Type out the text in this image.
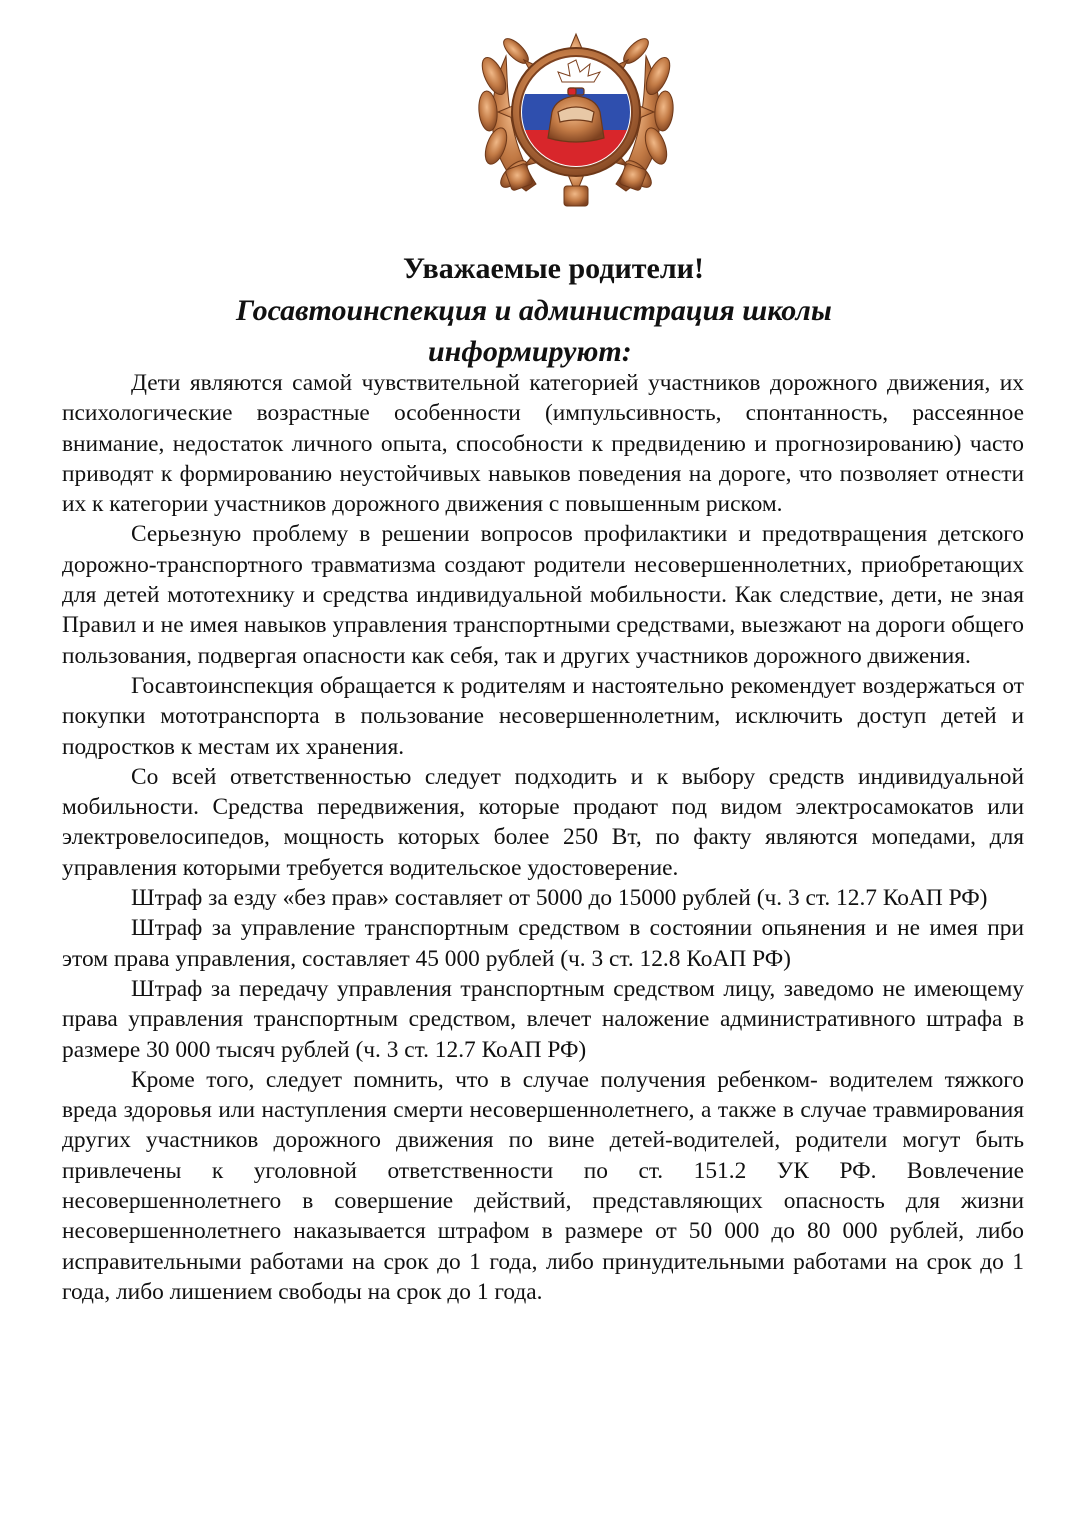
Уважаемые родители!
Госавтоинспекция и администрация школы
информируют:

Дети являются самой чувствительной категорией участников дорожного движения, их психологические возрастные особенности (импульсивность, спонтанность, рассеянное внимание, недостаток личного опыта, способности к предвидению и прогнозированию) часто приводят к формированию неустойчивых навыков поведения на дороге, что позволяет отнести их к категории участников дорожного движения с повышенным риском.

Серьезную проблему в решении вопросов профилактики и предотвращения детского дорожно-транспортного травматизма создают родители несовершеннолетних, приобретающих для детей мототехнику и средства индивидуальной мобильности. Как следствие, дети, не зная Правил и не имея навыков управления транспортными средствами, выезжают на дороги общего пользования, подвергая опасности как себя, так и других участников дорожного движения.

Госавтоинспекция обращается к родителям и настоятельно рекомендует воздержаться от покупки мототранспорта в пользование несовершеннолетним, исключить доступ детей и подростков к местам их хранения.

Со всей ответственностью следует подходить и к выбору средств индивидуальной мобильности. Средства передвижения, которые продают под видом электросамокатов или электровелосипедов, мощность которых более 250 Вт, по факту являются мопедами, для управления которыми требуется водительское удостоверение.

Штраф за езду «без прав» составляет от 5000 до 15000 рублей (ч. 3 ст. 12.7 КоАП РФ)

Штраф за управление транспортным средством в состоянии опьянения и не имея при этом права управления, составляет 45 000 рублей (ч. 3 ст. 12.8 КоАП РФ)

Штраф за передачу управления транспортным средством лицу, заведомо не имеющему права управления транспортным средством, влечет наложение административного штрафа в размере 30 000 тысяч рублей (ч. 3 ст. 12.7 КоАП РФ)

Кроме того, следует помнить, что в случае получения ребенком- водителем тяжкого вреда здоровья или наступления смерти несовершеннолетнего, а также в случае травмирования других участников дорожного движения по вине детей-водителей, родители могут быть привлечены к уголовной ответственности по ст. 151.2 УК РФ. Вовлечение несовершеннолетнего в совершение действий, представляющих опасность для жизни несовершеннолетнего наказывается штрафом в размере от 50 000 до 80 000 рублей, либо исправительными работами на срок до 1 года, либо принудительными работами на срок до 1 года, либо лишением свободы на срок до 1 года.
